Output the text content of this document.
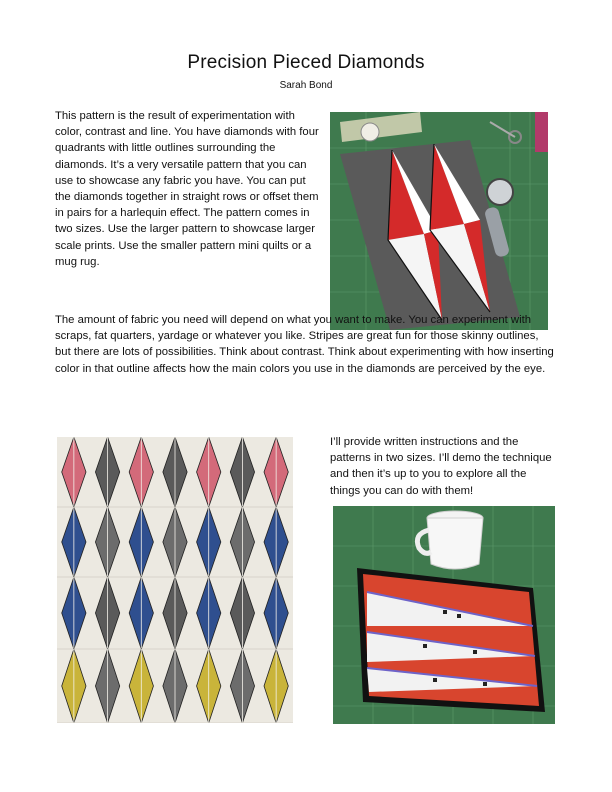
Precision Pieced Diamonds
Sarah Bond

This pattern is the result of experimentation with color, contrast and line. You have diamonds with four quadrants with little outlines surrounding the diamonds. It’s a very versatile pattern that you can use to showcase any fabric you have. You can put the diamonds together in straight rows or offset them in pairs for a harlequin effect. The pattern comes in two sizes. Use the larger pattern to showcase larger scale prints. Use the smaller pattern mini quilts or a mug rug.

The amount of fabric you need will depend on what you want to make. You can experiment with scraps, fat quarters, yardage or whatever you like. Stripes are great fun for those skinny outlines, but there are lots of possibilities. Think about contrast. Think about experimenting with how inserting color in that outline affects how the main colors you use in the diamonds are perceived by the eye.

I’ll provide written instructions and the patterns in two sizes. I’ll demo the technique and then it’s up to you to explore all the things you can do with them!
